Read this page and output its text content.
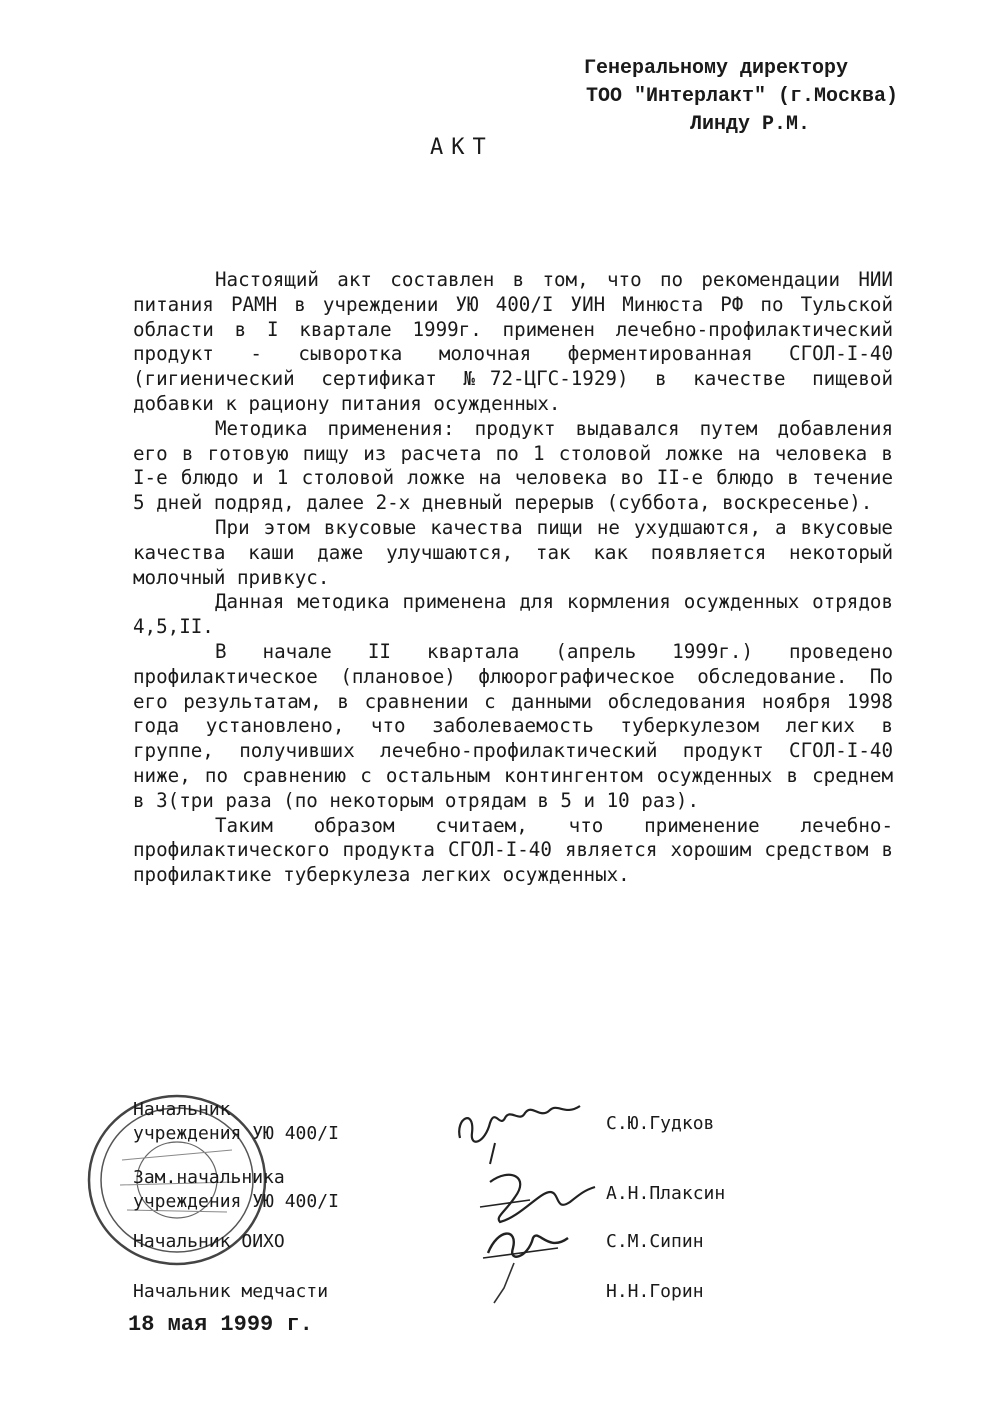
Генеральному директору
ТОО "Интерлакт" (г.Москва)
Линду Р.М.
АКТ

Настоящий акт составлен в том, что по рекомендации НИИ питания РАМН в учреждении УЮ 400/I УИН Минюста РФ по Тульской области в I квартале 1999г. применен лечебно-профилактический продукт - сыворотка молочная ферментированная СГОЛ-I-40 (гигиенический сертификат №72-ЦГС-1929) в качестве пищевой добавки к рациону питания осужденных.

Методика применения: продукт выдавался путем добавления его в готовую пищу из расчета по 1 столовой ложке на человека в I-е блюдо и 1 столовой ложке на человека во II-е блюдо в течение 5 дней подряд, далее 2-х дневный перерыв (суббота, воскресенье).

При этом вкусовые качества пищи не ухудшаются, а вкусовые качества каши даже улучшаются, так как появляется некоторый молочный привкус.

Данная методика применена для кормления осужденных отрядов 4,5,II.

В начале II квартала (апрель 1999г.) проведено профилактическое (плановое) флюорографическое обследование. По его результатам, в сравнении с данными обследования ноября 1998 года установлено, что заболеваемость туберкулезом легких в группе, получивших лечебно-профилактический продукт СГОЛ-I-40 ниже, по сравнению с остальным контингентом осужденных в среднем в 3(три раза (по некоторым отрядам в 5 и 10 раз).

Таким образом считаем, что применение лечебно-профилактического продукта СГОЛ-I-40 является хорошим средством в профилактике туберкулеза легких осужденных.

Начальник
учреждения УЮ 400/I	С.Ю.Гудков
Зам.начальника
учреждения УЮ 400/I	А.Н.Плаксин
Начальник ОИХО	С.М.Сипин
Начальник медчасти	Н.Н.Горин
18 мая 1999 г.
